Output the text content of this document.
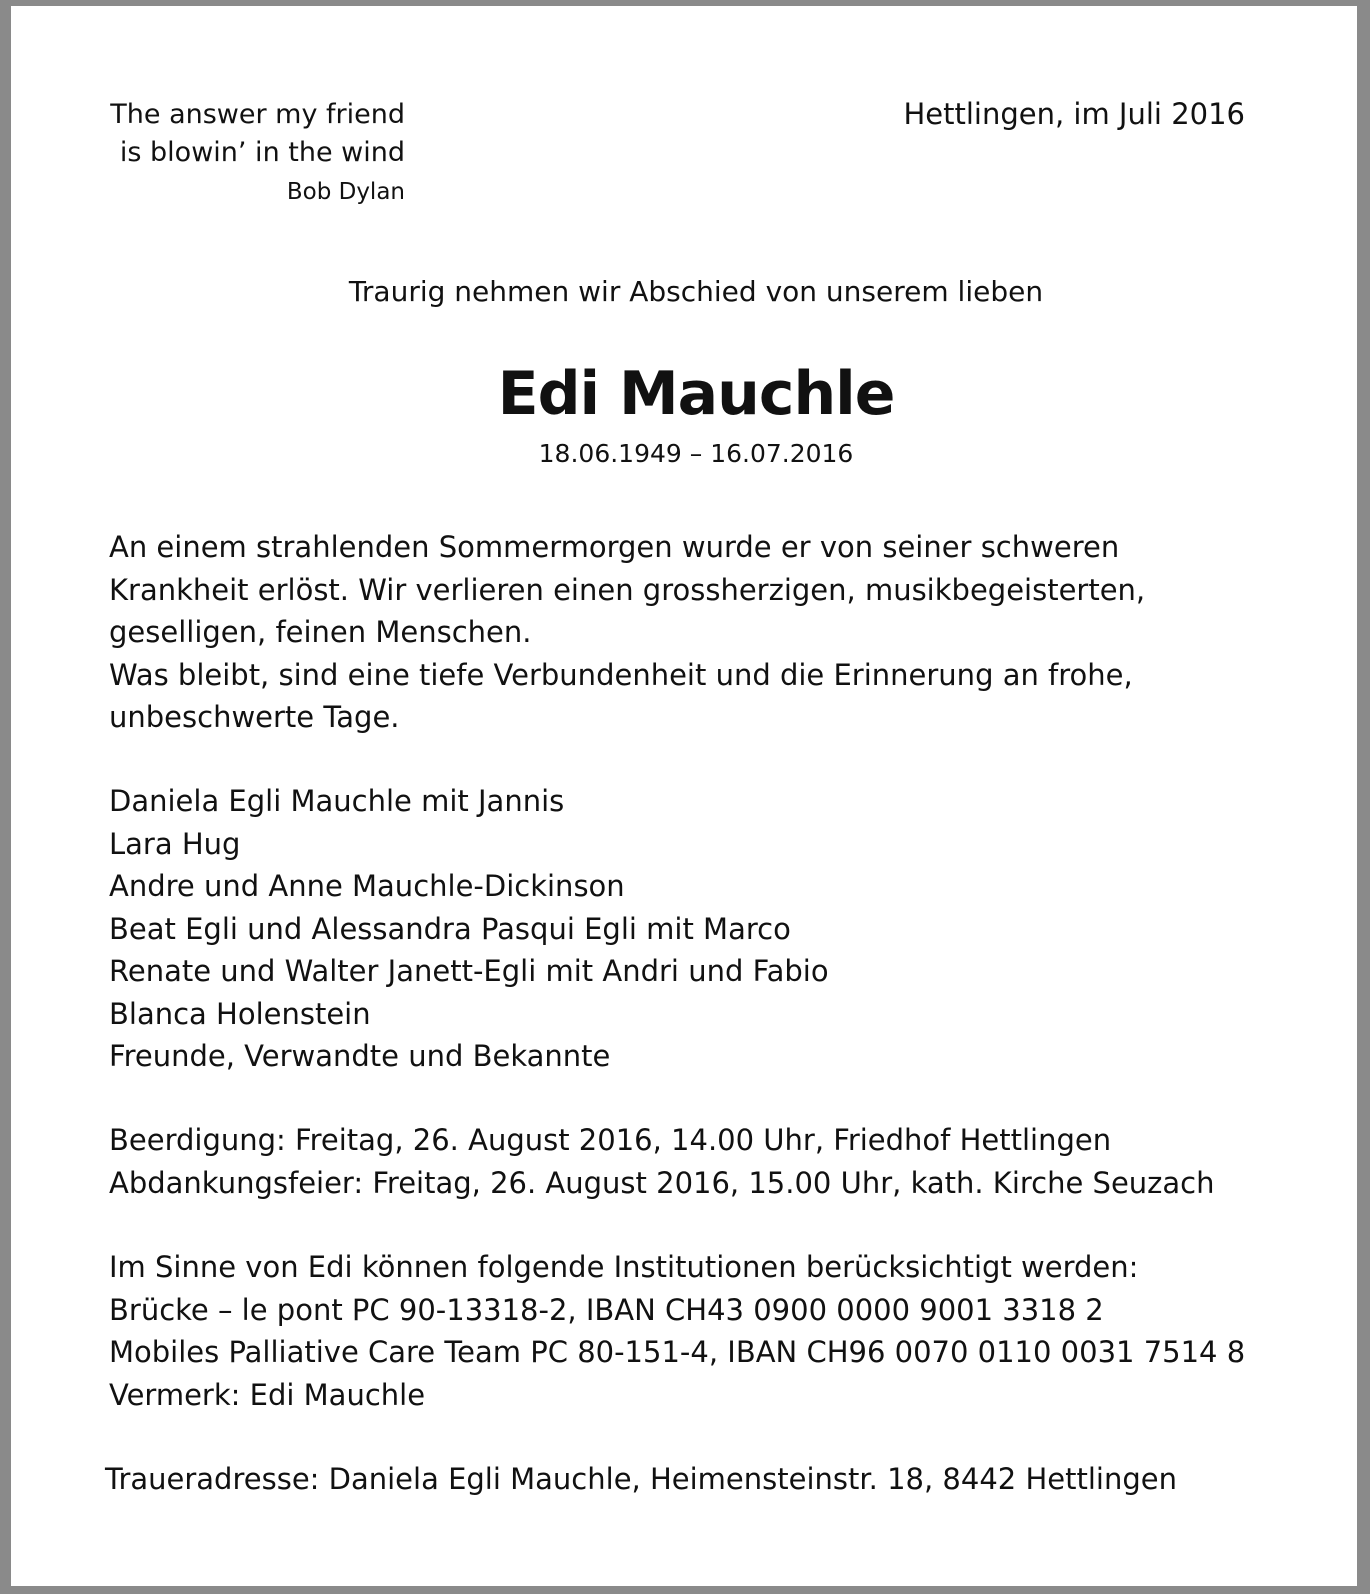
The answer my friend
is blowin’ in the wind
Bob Dylan
Hettlingen, im Juli 2016
Traurig nehmen wir Abschied von unserem lieben
Edi Mauchle
18.06.1949 – 16.07.2016
An einem strahlenden Sommermorgen wurde er von seiner schweren
Krankheit erlöst. Wir verlieren einen grossherzigen, musikbegeisterten,
geselligen, feinen Menschen.
Was bleibt, sind eine tiefe Verbundenheit und die Erinnerung an frohe,
unbeschwerte Tage.
Daniela Egli Mauchle mit Jannis
Lara Hug
Andre und Anne Mauchle-Dickinson
Beat Egli und Alessandra Pasqui Egli mit Marco
Renate und Walter Janett-Egli mit Andri und Fabio
Blanca Holenstein
Freunde, Verwandte und Bekannte
Beerdigung: Freitag, 26. August 2016, 14.00 Uhr, Friedhof Hettlingen
Abdankungsfeier: Freitag, 26. August 2016, 15.00 Uhr, kath. Kirche Seuzach
Im Sinne von Edi können folgende Institutionen berücksichtigt werden:
Brücke – le pont PC 90-13318-2, IBAN CH43 0900 0000 9001 3318 2
Mobiles Palliative Care Team PC 80-151-4, IBAN CH96 0070 0110 0031 7514 8
Vermerk: Edi Mauchle
Traueradresse: Daniela Egli Mauchle, Heimensteinstr. 18, 8442 Hettlingen
